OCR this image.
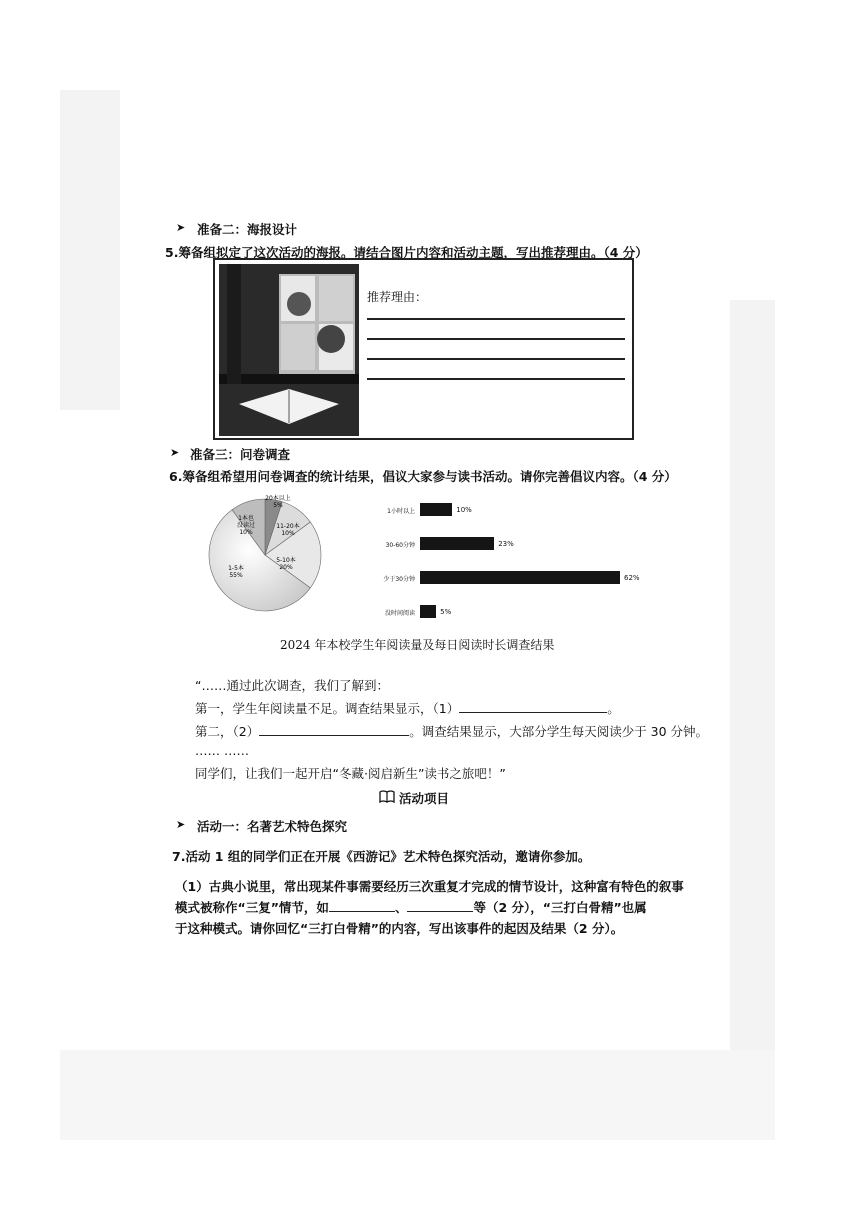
➤ 准备二：海报设计
5.筹备组拟定了这次活动的海报。请结合图片内容和活动主题，写出推荐理由。（4 分）
推荐理由：
➤ 准备三：问卷调查
6.筹备组希望用问卷调查的统计结果，倡议大家参与读书活动。请你完善倡议内容。（4 分）
20本以上 5%
11-20本 10%
5-10本 20%
1-5本 55%
1本也没读过 10%
1小时以上	10%
30-60分钟	23%
少于30分钟	62%
没时间阅读	5%
2024 年本校学生年阅读量及每日阅读时长调查结果
“……通过此次调查，我们了解到：
第一，学生年阅读量不足。调查结果显示，（1）	。
第二，（2）	。调查结果显示，大部分学生每天阅读少于 30 分钟。
…… ……
同学们，让我们一起开启“冬藏·阅启新生”读书之旅吧！”
活动项目
➤ 活动一：名著艺术特色探究
7.活动 1 组的同学们正在开展《西游记》艺术特色探究活动，邀请你参加。
（1）古典小说里，常出现某件事需要经历三次重复才完成的情节设计，这种富有特色的叙事
模式被称作“三复”情节，如	、	等（2 分），“三打白骨精”也属
于这种模式。请你回忆“三打白骨精”的内容，写出该事件的起因及结果（2 分）。
